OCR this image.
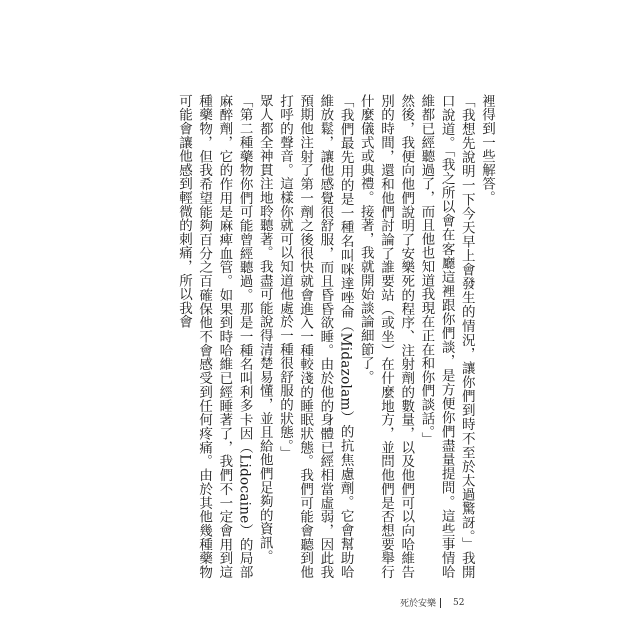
裡得到一些解答。

「我想先說明一下今天早上會發生的情況，讓你們到時不至於太過驚訝。」我開口說道。「我之所以會在客廳這裡跟你們談，是方便你們盡量提問。這些事情哈維都已經聽過了，而且他也知道我現在正在和你們談話。」

然後，我便向他們說明了安樂死的程序、注射劑的數量，以及他們可以向哈維告別的時間，還和他們討論了誰要站（或坐）在什麼地方，並問他們是否想要舉行什麼儀式或典禮。接著，我就開始談論細節了。

「我們最先用的是一種名叫咪達唑侖（Midazolam）的抗焦慮劑。它會幫助哈維放鬆，讓他感覺很舒服，而且昏昏欲睡。由於他的身體已經相當虛弱，因此我預期他注射了第一劑之後很快就會進入一種較淺的睡眠狀態。我們可能會聽到他打呼的聲音。這樣你就可以知道他處於一種很舒服的狀態。」

眾人都全神貫注地聆聽著。我盡可能說得清楚易懂，並且給他們足夠的資訊。

「第二種藥物你們可能曾經聽過。那是一種名叫利多卡因（Lidocaine）的局部麻醉劑，它的作用是麻痺血管。如果到時哈維已經睡著了，我們不一定會用到這種藥物，但我希望能夠百分之百確保他不會感受到任何疼痛。由於其他幾種藥物可能會讓他感到輕微的刺痛，所以我會

死於安樂 52
